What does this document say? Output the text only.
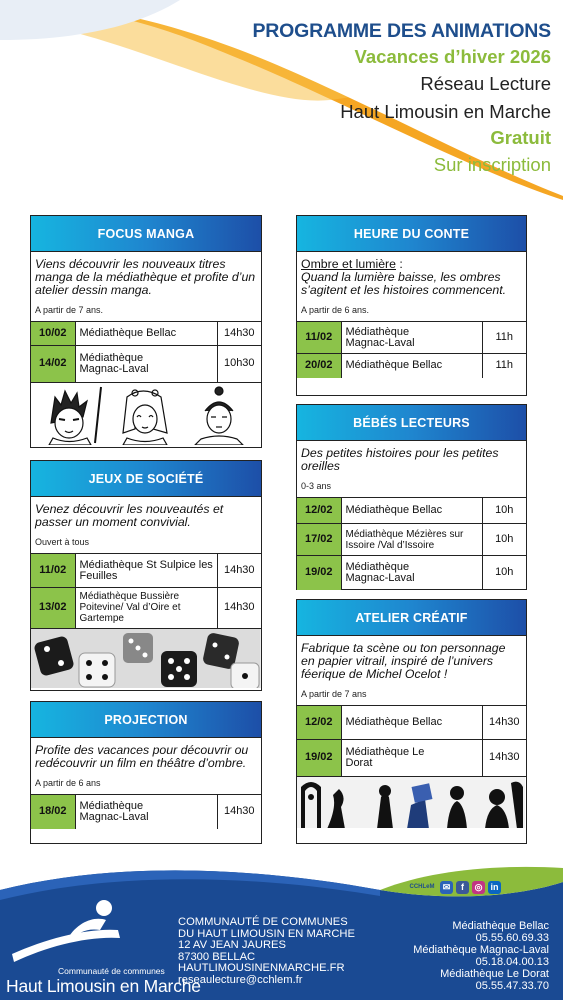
PROGRAMME DES ANIMATIONS
Vacances d’hiver 2026
Réseau Lecture
Haut Limousin en Marche
Gratuit
Sur inscription
FOCUS MANGA
Viens découvrir les nouveaux titres manga de la médiathèque et profite d’un atelier dessin manga.
A partir de 7 ans.
10/02	Médiathèque Bellac	14h30
14/02	Médiathèque Magnac-Laval	10h30
JEUX DE SOCIÉTÉ
Venez découvrir les nouveautés et passer un moment convivial.
Ouvert à tous
11/02	Médiathèque St Sulpice les Feuilles	14h30
13/02	Médiathèque Bussière Poitevine/ Val d’Oire et Gartempe	14h30
PROJECTION
Profite des vacances pour découvrir ou redécouvrir un film en théâtre d’ombre.
A partir de 6 ans
18/02	Médiathèque Magnac-Laval	14h30
HEURE DU CONTE
Ombre et lumière :
Quand la lumière baisse, les ombres s’agitent et les histoires commencent.
A partir de 6 ans.
11/02	Médiathèque Magnac-Laval	11h
20/02	Médiathèque Bellac	11h
BÉBÉS LECTEURS
Des petites histoires pour les petites oreilles
0-3 ans
12/02	Médiathèque Bellac	10h
17/02	Médiathèque Mézières sur Issoire /Val d’Issoire	10h
19/02	Médiathèque Magnac-Laval	10h
ATELIER CRÉATIF
Fabrique ta scène ou ton personnage en papier vitrail, inspiré de l’univers féerique de Michel Ocelot !
A partir de 7 ans
12/02	Médiathèque Bellac	14h30
19/02	Médiathèque Le Dorat	14h30
CCHLeM ✉	f	◎ in
COMMUNAUTÉ DE COMMUNES
DU HAUT LIMOUSIN EN MARCHE
12 AV JEAN JAURES
87300 BELLAC
HAUTLIMOUSINENMARCHE.FR
reseaulecture@cchlem.fr
Médiathèque Bellac
05.55.60.69.33
Médiathèque Magnac-Laval
05.18.04.00.13
Médiathèque Le Dorat
05.55.47.33.70
Communauté de communes
Haut Limousin en Marche
